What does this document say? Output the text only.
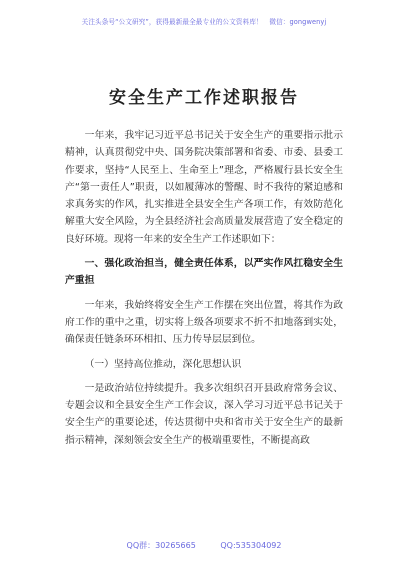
关注头条号“公文研究”，获得最新最全最专业的公文资料库！　微信：gongwenyj
安全生产工作述职报告

一年来，我牢记习近平总书记关于安全生产的重要指示批示精神，认真贯彻党中央、国务院决策部署和省委、市委、县委工作要求，坚持“人民至上、生命至上”理念，严格履行县长安全生产“第一责任人”职责，以如履薄冰的警醒、时不我待的紧迫感和求真务实的作风，扎实推进全县安全生产各项工作，有效防范化解重大安全风险，为全县经济社会高质量发展营造了安全稳定的良好环境。现将一年来的安全生产工作述职如下：

一、强化政治担当，健全责任体系，以严实作风扛稳安全生产重担

一年来，我始终将安全生产工作摆在突出位置，将其作为政府工作的重中之重，切实将上级各项要求不折不扣地落到实处，确保责任链条环环相扣、压力传导层层到位。

（一）坚持高位推动，深化思想认识

一是政治站位持续提升。我多次组织召开县政府常务会议、专题会议和全县安全生产工作会议，深入学习习近平总书记关于安全生产的重要论述，传达贯彻中央和省市关于安全生产的最新指示精神，深刻领会安全生产的极端重要性，不断提高政

QQ群：30265665	QQ:535304092
